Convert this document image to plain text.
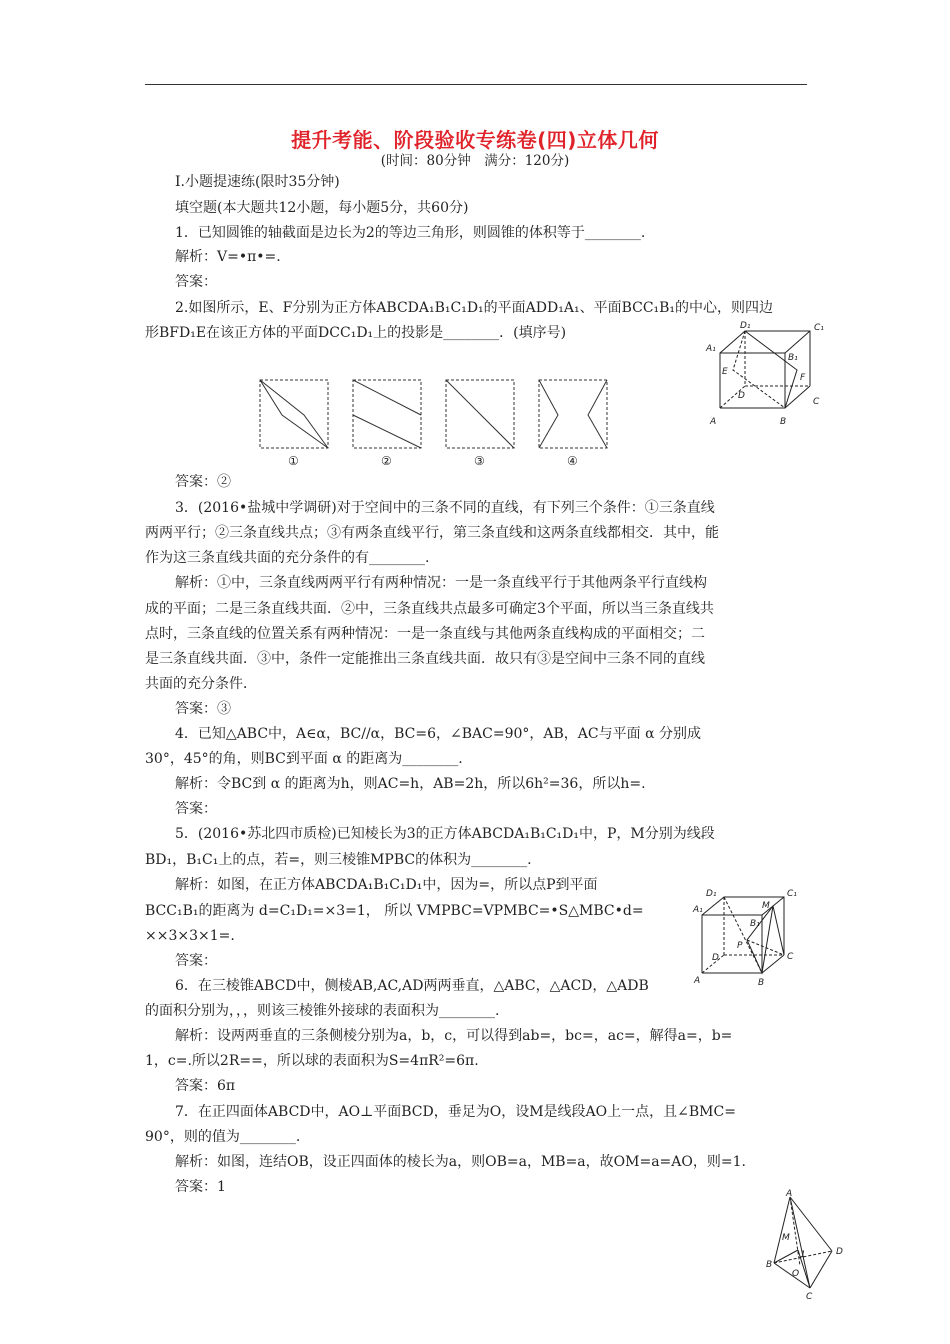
提升考能、阶段验收专练卷(四)立体几何
(时间：80分钟　满分：120分)
Ⅰ.小题提速练(限时35分钟)
填空题(本大题共12小题，每小题5分，共60分)
1．已知圆锥的轴截面是边长为2的等边三角形，则圆锥的体积等于________.
解析：V=•π•=.
答案：
2.如图所示，E、F分别为正方体ABCDA₁B₁C₁D₁的平面ADD₁A₁、平面BCC₁B₁的中心，则四边
形BFD₁E在该正方体的平面DCC₁D₁上的投影是________．(填序号)
答案：②
3．(2016•盐城中学调研)对于空间中的三条不同的直线，有下列三个条件：①三条直线
两两平行；②三条直线共点；③有两条直线平行，第三条直线和这两条直线都相交．其中，能
作为这三条直线共面的充分条件的有________.
解析：①中，三条直线两两平行有两种情况：一是一条直线平行于其他两条平行直线构
成的平面；二是三条直线共面．②中，三条直线共点最多可确定3个平面，所以当三条直线共
点时，三条直线的位置关系有两种情况：一是一条直线与其他两条直线构成的平面相交；二
是三条直线共面．③中，条件一定能推出三条直线共面．故只有③是空间中三条不同的直线
共面的充分条件．
答案：③
4．已知△ABC中，A∈α，BC//α，BC=6，∠BAC=90°，AB，AC与平面 α 分别成
30°，45°的角，则BC到平面 α 的距离为________.
解析：令BC到 α 的距离为h，则AC=h，AB=2h，所以6h²=36，所以h=.
答案：
5．(2016•苏北四市质检)已知棱长为3的正方体ABCDA₁B₁C₁D₁中，P，M分别为线段
BD₁，B₁C₁上的点，若=，则三棱锥MPBC的体积为________.
解析：如图，在正方体ABCDA₁B₁C₁D₁中，因为=，所以点P到平面
BCC₁B₁的距离为 d=C₁D₁=×3=1， 所以 VMPBC=VPMBC=•S△MBC•d=
××3×3×1=.
答案：
6．在三棱锥ABCD中，侧棱AB,AC,AD两两垂直，△ABC，△ACD，△ADB
的面积分别为，，，则该三棱锥外接球的表面积为________.
解析：设两两垂直的三条侧棱分别为a，b，c，可以得到ab=，bc=，ac=，解得a=，b=
1，c=.所以2R==，所以球的表面积为S=4πR²=6π.
答案：6π
7．在正四面体ABCD中，AO⊥平面BCD，垂足为O，设M是线段AO上一点，且∠BMC=
90°，则的值为________.
解析：如图，连结OB，设正四面体的棱长为a，则OB=a，MB=a，故OM=a=AO，则=1.
答案：1
D₁	C₁
A₁
B₁
E
F
D
C
A	B
①	②	③	④
D₁	C₁
A₁	M
B₁
P
D	C
A	B
A
M
1	D
B
O
C
